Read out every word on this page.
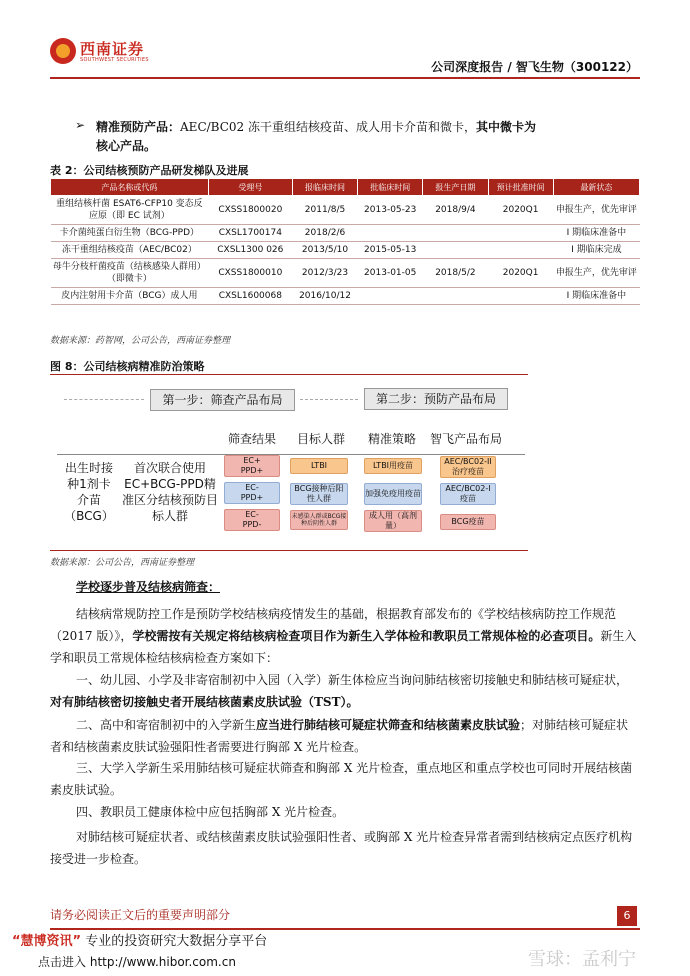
西南证券
SOUTHWEST SECURITIES	公司深度报告 / 智飞生物（300122）
➢ 精准预防产品：AEC/BC02 冻干重组结核疫苗、成人用卡介苗和微卡，其中微卡为核心产品。
表 2：公司结核预防产品研发梯队及进展
产品名称或代码	受理号	报临床时间	批临床时间	报生产日期	预计批准时间	最新状态
重组结核杆菌 ESAT6-CFP10 变态反应原（即 EC 试剂）	CXSS1800020	2011/8/5	2013-05-23	2018/9/4	2020Q1	申报生产，优先审评
卡介菌纯蛋白衍生物（BCG-PPD）	CXSL1700174	2018/2/6				I 期临床准备中
冻干重组结核疫苗（AEC/BC02）	CXSL1300 026	2013/5/10	2015-05-13			I 期临床完成
母牛分枝杆菌疫苗（结核感染人群用）（即微卡）	CXSS1800010	2012/3/23	2013-01-05	2018/5/2	2020Q1	申报生产，优先审评
皮内注射用卡介苗（BCG）成人用	CXSL1600068	2016/10/12				I 期临床准备中
数据来源：药智网，公司公告，西南证券整理
图 8：公司结核病精准防治策略
第一步：筛查产品布局	第二步：预防产品布局
筛查结果	目标人群	精准策略	智飞产品布局
出生时接种1剂卡介苗（BCG）
首次联合使用EC+BCG-PPD精准区分结核预防目标人群
EC+
PPD+
EC-
PPD+
EC-
PPD-
LTBI
BCG接种后阳性人群
未感染人群或BCG接种后阴性人群
LTBI用疫苗
加强免疫用疫苗
成人用（高剂量）
AEC/BC02-II
治疗疫苗
AEC/BC02-I
疫苗
BCG疫苗
数据来源：公司公告，西南证券整理
学校逐步普及结核病筛查：
结核病常规防控工作是预防学校结核病疫情发生的基础，根据教育部发布的《学校结核病防控工作规范（2017 版）》，学校需按有关规定将结核病检查项目作为新生入学体检和教职员工常规体检的必查项目。新生入学和职员工常规体检结核病检查方案如下：
一、幼儿园、小学及非寄宿制初中入园（入学）新生体检应当询问肺结核密切接触史和肺结核可疑症状，对有肺结核密切接触史者开展结核菌素皮肤试验（TST）。
二、高中和寄宿制初中的入学新生应当进行肺结核可疑症状筛查和结核菌素皮肤试验；对肺结核可疑症状者和结核菌素皮肤试验强阳性者需要进行胸部 X 光片检查。
三、大学入学新生采用肺结核可疑症状筛查和胸部 X 光片检查，重点地区和重点学校也可同时开展结核菌素皮肤试验。
四、教职员工健康体检中应包括胸部 X 光片检查。
对肺结核可疑症状者、或结核菌素皮肤试验强阳性者、或胸部 X 光片检查异常者需到结核病定点医疗机构接受进一步检查。
请务必阅读正文后的重要声明部分	6
“慧博资讯” 专业的投资研究大数据分享平台
点击进入 http://www.hibor.com.cn	雪球：孟利宁
